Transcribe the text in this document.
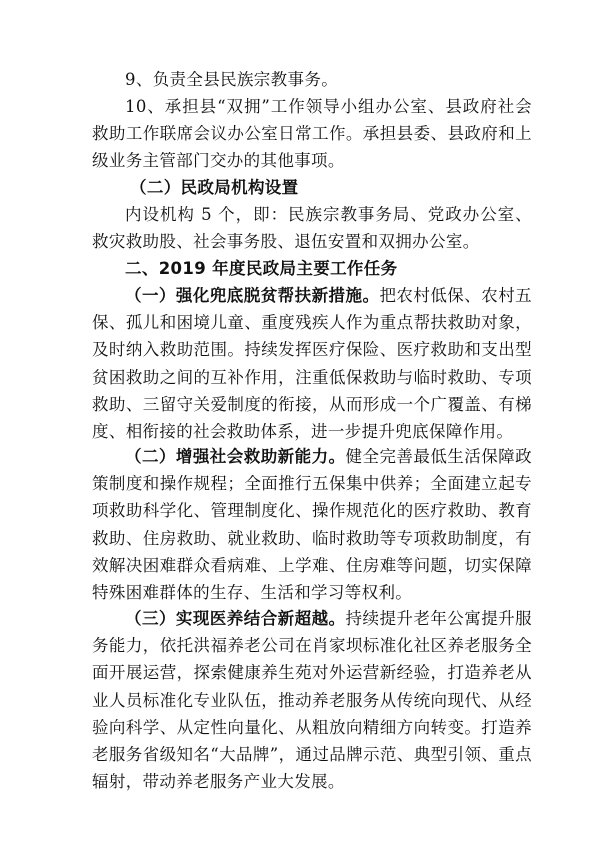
9、负责全县民族宗教事务。

10、承担县“双拥”工作领导小组办公室、县政府社会救助工作联席会议办公室日常工作。承担县委、县政府和上级业务主管部门交办的其他事项。

（二）民政局机构设置

内设机构 5 个，即：民族宗教事务局、党政办公室、救灾救助股、社会事务股、退伍安置和双拥办公室。

二、2019 年度民政局主要工作任务

（一）强化兜底脱贫帮扶新措施。把农村低保、农村五保、孤儿和困境儿童、重度残疾人作为重点帮扶救助对象，及时纳入救助范围。持续发挥医疗保险、医疗救助和支出型贫困救助之间的互补作用，注重低保救助与临时救助、专项救助、三留守关爱制度的衔接，从而形成一个广覆盖、有梯度、相衔接的社会救助体系，进一步提升兜底保障作用。

（二）增强社会救助新能力。健全完善最低生活保障政策制度和操作规程；全面推行五保集中供养；全面建立起专项救助科学化、管理制度化、操作规范化的医疗救助、教育救助、住房救助、就业救助、临时救助等专项救助制度，有效解决困难群众看病难、上学难、住房难等问题，切实保障特殊困难群体的生存、生活和学习等权利。

（三）实现医养结合新超越。持续提升老年公寓提升服务能力，依托洪福养老公司在肖家坝标准化社区养老服务全面开展运营，探索健康养生苑对外运营新经验，打造养老从业人员标准化专业队伍，推动养老服务从传统向现代、从经验向科学、从定性向量化、从粗放向精细方向转变。打造养老服务省级知名“大品牌”，通过品牌示范、典型引领、重点辐射，带动养老服务产业大发展。
